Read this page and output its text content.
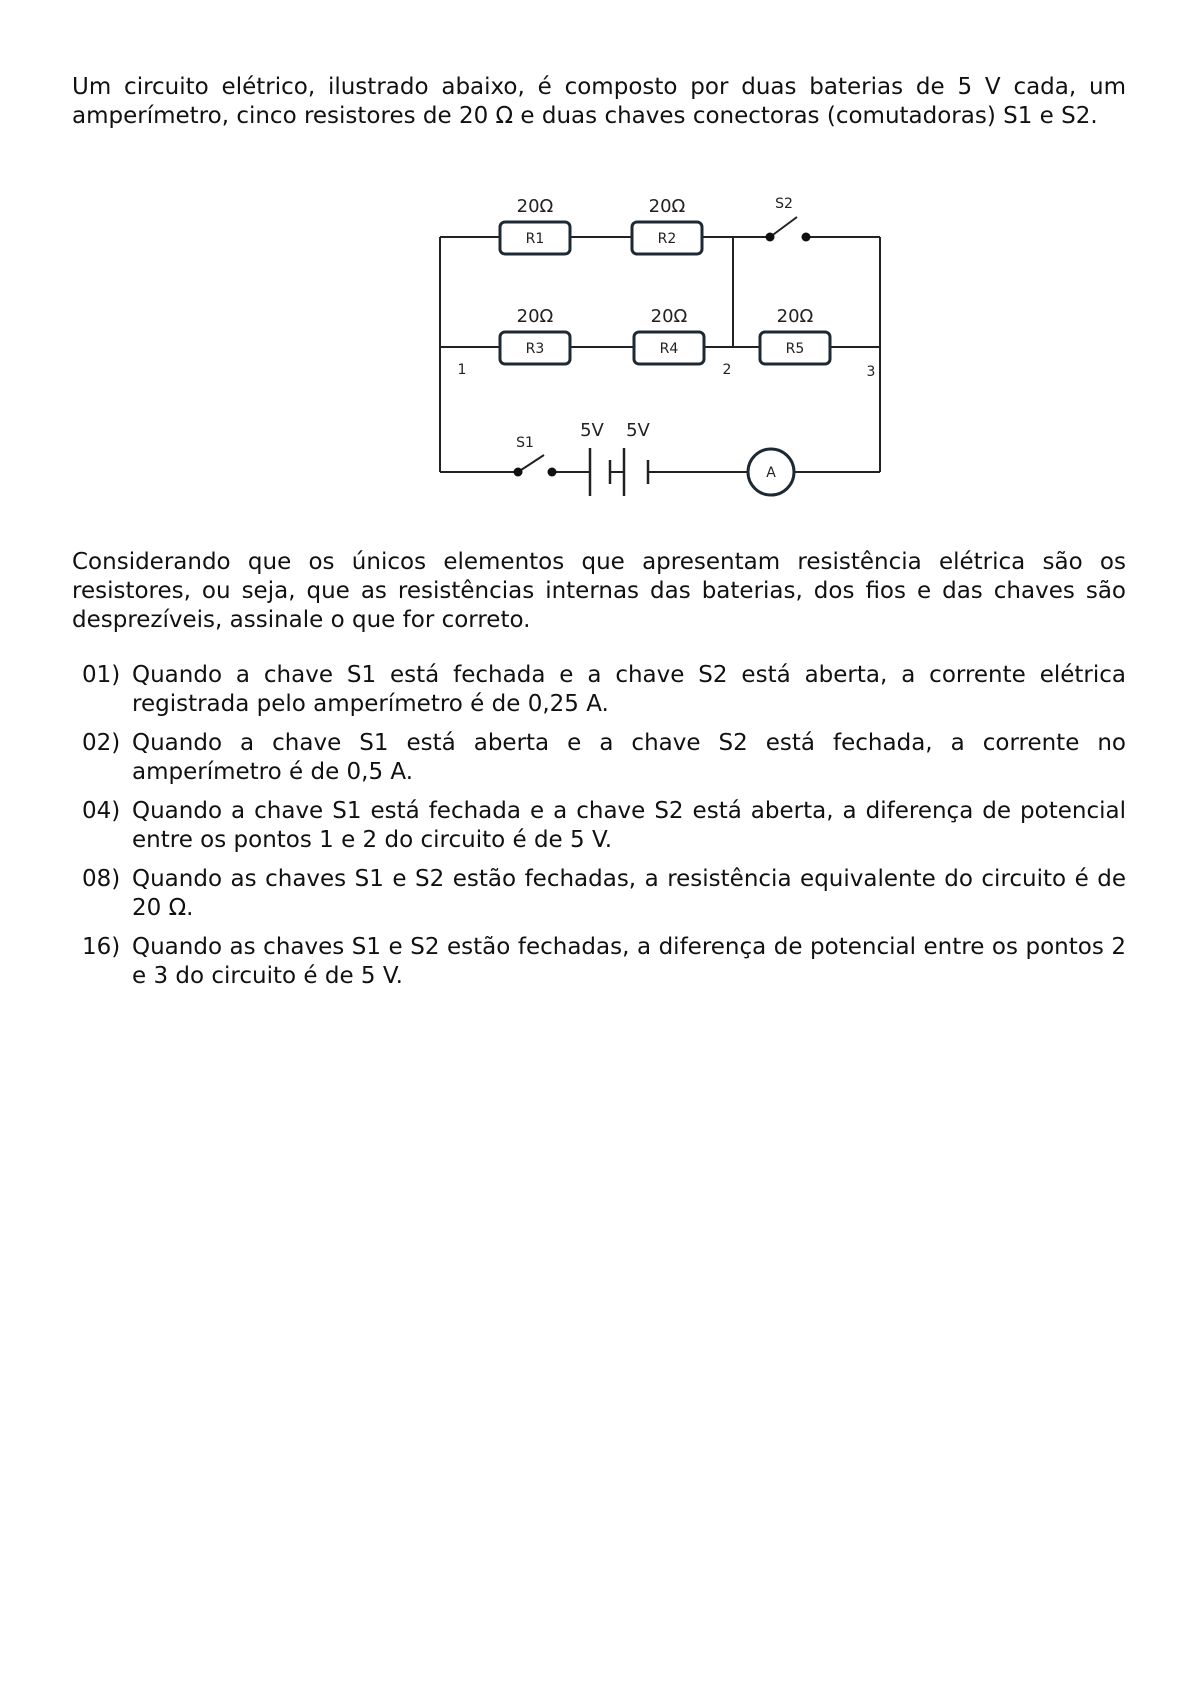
Um circuito elétrico, ilustrado abaixo, é composto por duas baterias de 5 V cada, um amperímetro, cinco resistores de 20 Ω e duas chaves conectoras (comutadoras) S1 e S2.

20Ω	20Ω
20Ω	20Ω	20Ω
5V 5V
R1	R2
R3	R4	R5
S2
S1
A
1	2	3

Considerando que os únicos elementos que apresentam resistência elétrica são os resistores, ou seja, que as resistências internas das baterias, dos fios e das chaves são desprezíveis, assinale o que for correto.

01) Quando a chave S1 está fechada e a chave S2 está aberta, a corrente elétrica registrada pelo amperímetro é de 0,25 A.
02) Quando a chave S1 está aberta e a chave S2 está fechada, a corrente no amperímetro é de 0,5 A.
04) Quando a chave S1 está fechada e a chave S2 está aberta, a diferença de potencial entre os pontos 1 e 2 do circuito é de 5 V.
08) Quando as chaves S1 e S2 estão fechadas, a resistência equivalente do circuito é de 20 Ω.
16) Quando as chaves S1 e S2 estão fechadas, a diferença de potencial entre os pontos 2 e 3 do circuito é de 5 V.
